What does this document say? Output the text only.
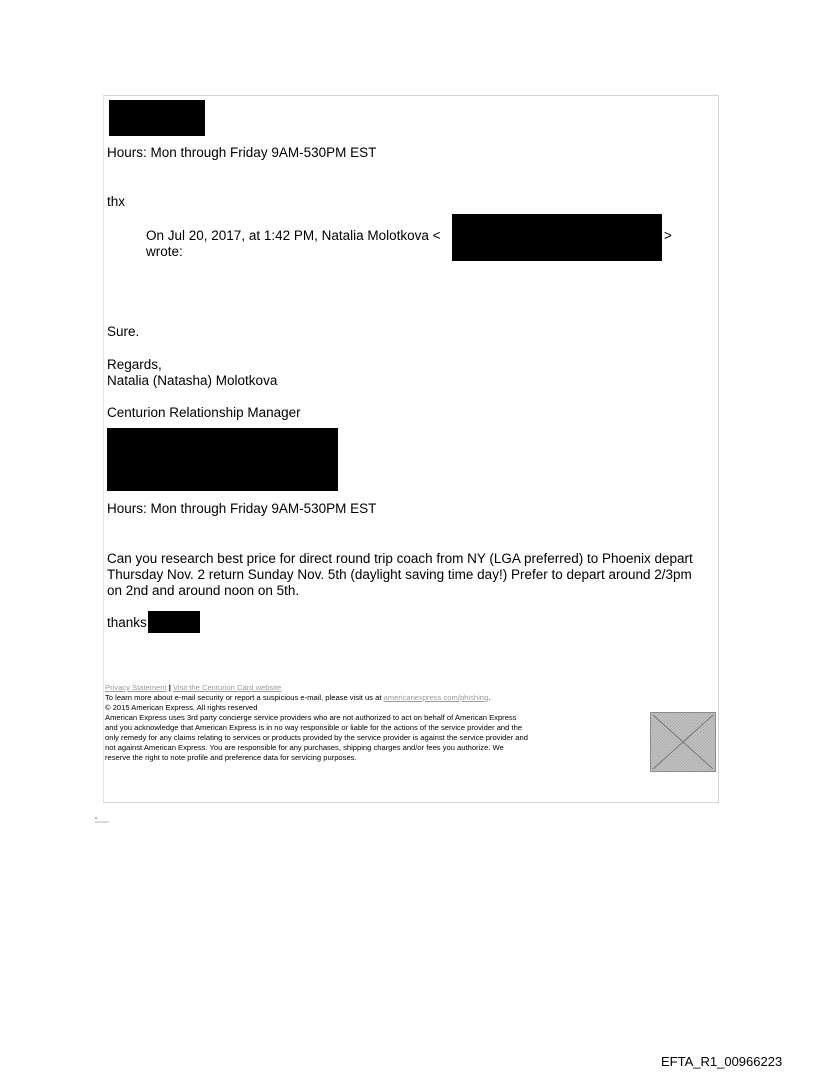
Hours: Mon through Friday 9AM-530PM EST
thx
On Jul 20, 2017, at 1:42 PM, Natalia Molotkova <	>
wrote:
Sure.
Regards,
Natalia (Natasha) Molotkova
Centurion Relationship Manager
Hours: Mon through Friday 9AM-530PM EST
Can you research best price for direct round trip coach from NY (LGA preferred) to Phoenix depart
Thursday Nov. 2 return Sunday Nov. 5th (daylight saving time day!) Prefer to depart around 2/3pm
on 2nd and around noon on 5th.
thanks
Privacy Statement | Visit the Centurion Card website
To learn more about e-mail security or report a suspicious e-mail, please visit us at americanexpress.com/phishing.
© 2015 American Express. All rights reserved
American Express uses 3rd party concierge service providers who are not authorized to act on behalf of American Express
and you acknowledge that American Express is in no way responsible or liable for the actions of the service provider and the
only remedy for any claims relating to services or products provided by the service provider is against the service provider and
not against American Express. You are responsible for any purchases, shipping charges and/or fees you authorize. We
reserve the right to note profile and preference data for servicing purposes.
EFTA_R1_00966223
